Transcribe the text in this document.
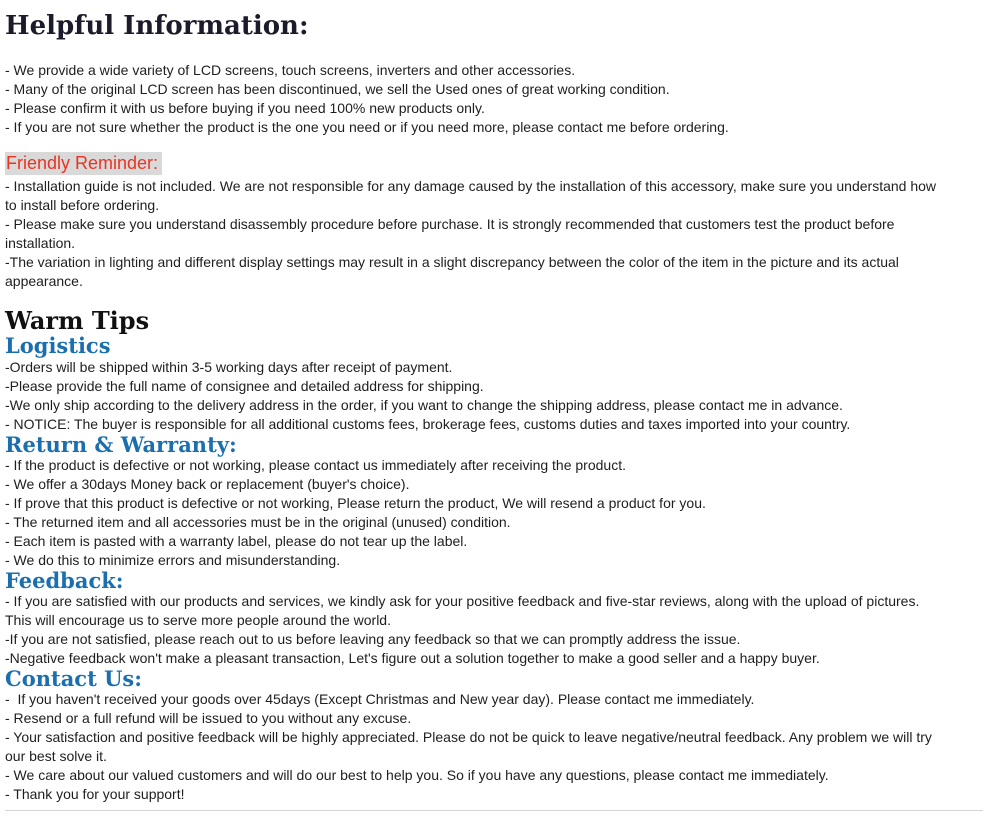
Helpful Information:
- We provide a wide variety of LCD screens, touch screens, inverters and other accessories.
- Many of the original LCD screen has been discontinued, we sell the Used ones of great working condition.
- Please confirm it with us before buying if you need 100% new products only.
- If you are not sure whether the product is the one you need or if you need more, please contact me before ordering.
Friendly Reminder:
- Installation guide is not included. We are not responsible for any damage caused by the installation of this accessory, make sure you understand how
to install before ordering.
- Please make sure you understand disassembly procedure before purchase. It is strongly recommended that customers test the product before
installation.
-The variation in lighting and different display settings may result in a slight discrepancy between the color of the item in the picture and its actual
appearance.
Warm Tips
Logistics
-Orders will be shipped within 3-5 working days after receipt of payment.
-Please provide the full name of consignee and detailed address for shipping.
-We only ship according to the delivery address in the order, if you want to change the shipping address, please contact me in advance.
- NOTICE: The buyer is responsible for all additional customs fees, brokerage fees, customs duties and taxes imported into your country.
Return & Warranty:
- If the product is defective or not working, please contact us immediately after receiving the product.
- We offer a 30days Money back or replacement (buyer's choice).
- If prove that this product is defective or not working, Please return the product, We will resend a product for you.
- The returned item and all accessories must be in the original (unused) condition.
- Each item is pasted with a warranty label, please do not tear up the label.
- We do this to minimize errors and misunderstanding.
Feedback:
- If you are satisfied with our products and services, we kindly ask for your positive feedback and five-star reviews, along with the upload of pictures.
This will encourage us to serve more people around the world.
-If you are not satisfied, please reach out to us before leaving any feedback so that we can promptly address the issue.
-Negative feedback won't make a pleasant transaction, Let's figure out a solution together to make a good seller and a happy buyer.
Contact Us:
-  If you haven't received your goods over 45days (Except Christmas and New year day). Please contact me immediately.
- Resend or a full refund will be issued to you without any excuse.
- Your satisfaction and positive feedback will be highly appreciated. Please do not be quick to leave negative/neutral feedback. Any problem we will try
our best solve it.
- We care about our valued customers and will do our best to help you. So if you have any questions, please contact me immediately.
- Thank you for your support!
